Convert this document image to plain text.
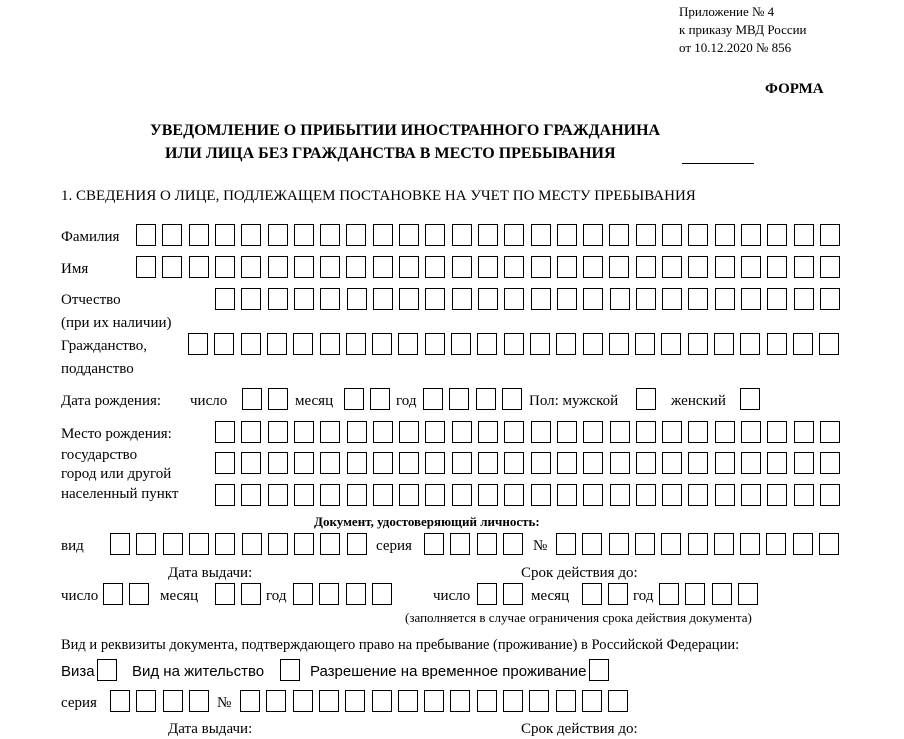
Приложение № 4
к приказу МВД России
от 10.12.2020 № 856
ФОРМА
УВЕДОМЛЕНИЕ О ПРИБЫТИИ ИНОСТРАННОГО ГРАЖДАНИНА
ИЛИ ЛИЦА БЕЗ ГРАЖДАНСТВА В МЕСТО ПРЕБЫВАНИЯ
1. СВЕДЕНИЯ О ЛИЦЕ, ПОДЛЕЖАЩЕМ ПОСТАНОВКЕ НА УЧЕТ ПО МЕСТУ ПРЕБЫВАНИЯ
Фамилия
Имя
Отчество
(при их наличии)
Гражданство,
подданство
Дата рождения: число	месяц	год	Пол: мужской	женский
Место рождения:
государство
город или другой
населенный пункт
Документ, удостоверяющий личность:
вид	серия	№
Дата выдачи:	Срок действия до:
число	месяц	год	число	месяц	год
(заполняется в случае ограничения срока действия документа)
Вид и реквизиты документа, подтверждающего право на пребывание (проживание) в Российской Федерации:
Виза Вид на жительство	Разрешение на временное проживание
серия	№
Дата выдачи:	Срок действия до:
